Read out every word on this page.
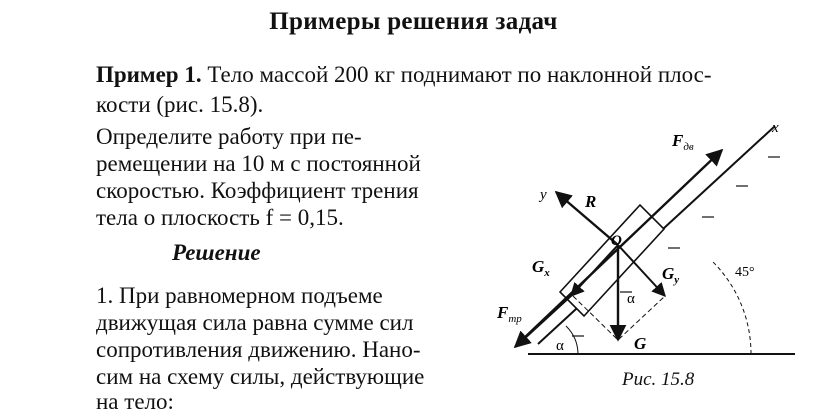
Примеры решения задач
Пример 1. Тело массой 200 кг поднимают по наклонной плос-
кости (рис. 15.8).

Определите работу при пе-

ремещении на 10 м с постоянной

скоростью. Коэффициент трения

тела о плоскость f = 0,15.

Решение
1. При равномерном подъеме
движущая сила равна сумме сил
сопротивления движению. Нано-
сим на схему силы, действующие
на тело:
x
$F_{дв}$
y R
O
$G_x$	$G_y$
α
G
$F_{тр}$
α
45°
Рис. 15.8
